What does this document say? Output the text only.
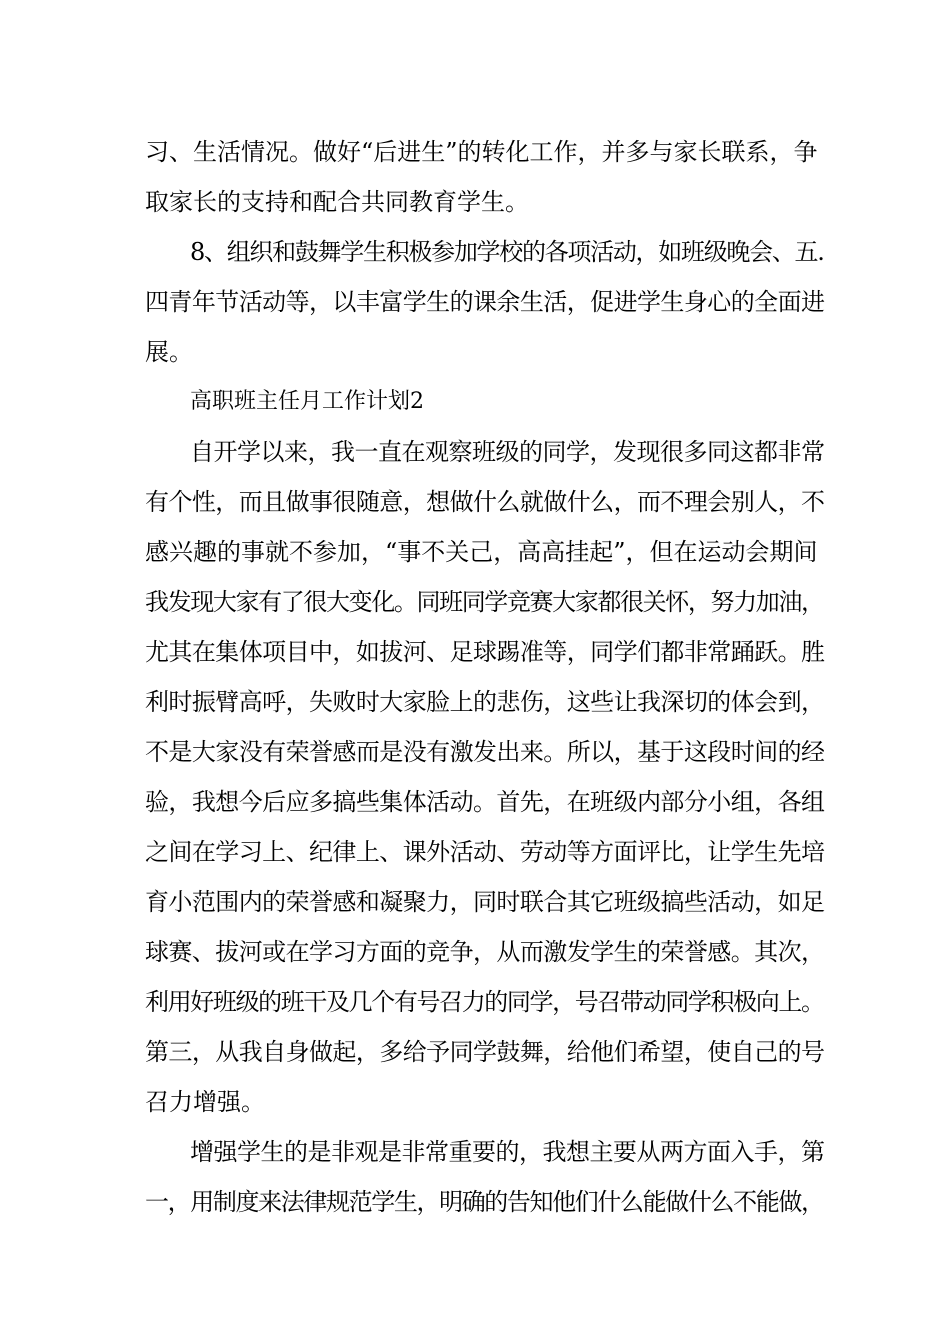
习、生活情况。做好“后进生”的转化工作，并多与家长联系，争
取家长的支持和配合共同教育学生。
8、组织和鼓舞学生积极参加学校的各项活动，如班级晚会、五.
四青年节活动等，以丰富学生的课余生活，促进学生身心的全面进
展。
高职班主任月工作计划2
自开学以来，我一直在观察班级的同学，发现很多同这都非常
有个性，而且做事很随意，想做什么就做什么，而不理会别人，不
感兴趣的事就不参加，“事不关己，高高挂起”，但在运动会期间
我发现大家有了很大变化。同班同学竞赛大家都很关怀，努力加油，
尤其在集体项目中，如拔河、足球踢准等，同学们都非常踊跃。胜
利时振臂高呼，失败时大家脸上的悲伤，这些让我深切的体会到，
不是大家没有荣誉感而是没有激发出来。所以，基于这段时间的经
验，我想今后应多搞些集体活动。首先，在班级内部分小组，各组
之间在学习上、纪律上、课外活动、劳动等方面评比，让学生先培
育小范围内的荣誉感和凝聚力，同时联合其它班级搞些活动，如足
球赛、拔河或在学习方面的竞争，从而激发学生的荣誉感。其次，
利用好班级的班干及几个有号召力的同学，号召带动同学积极向上。
第三，从我自身做起，多给予同学鼓舞，给他们希望，使自己的号
召力增强。
增强学生的是非观是非常重要的，我想主要从两方面入手，第
一，用制度来法律规范学生，明确的告知他们什么能做什么不能做，
